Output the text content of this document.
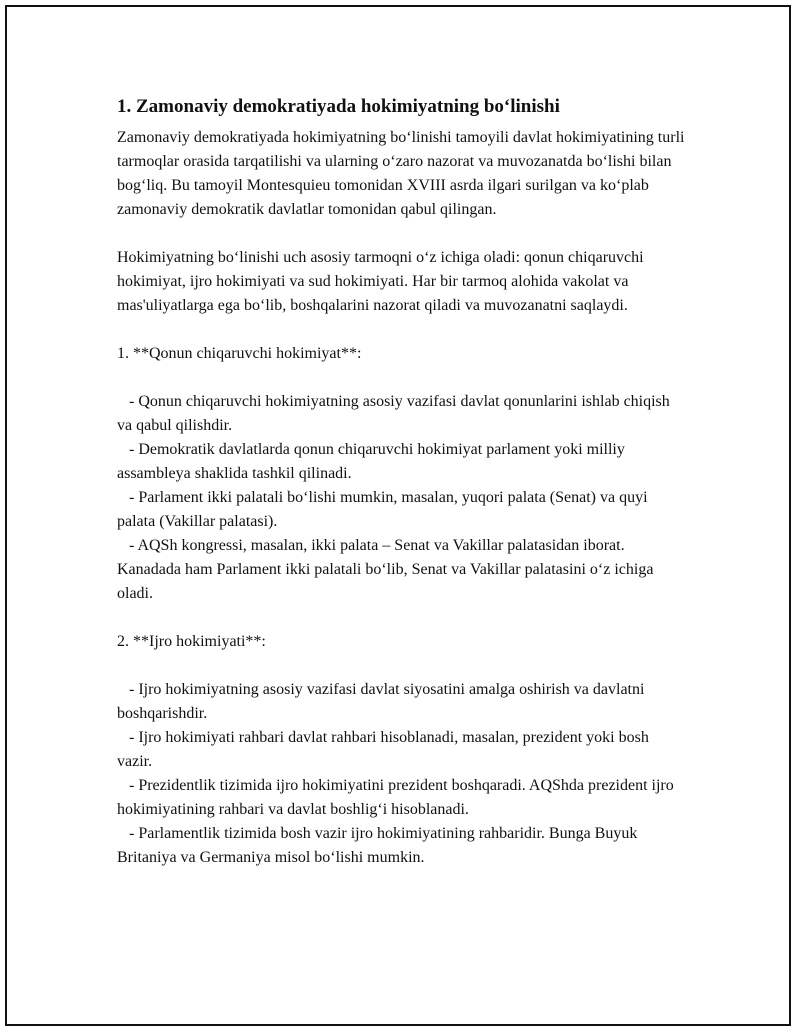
1. Zamonaviy demokratiyada hokimiyatning bo‘linishi

Zamonaviy demokratiyada hokimiyatning bo‘linishi tamoyili davlat hokimiyatining turli tarmoqlar orasida tarqatilishi va ularning o‘zaro nazorat va muvozanatda bo‘lishi bilan bog‘liq. Bu tamoyil Montesquieu tomonidan XVIII asrda ilgari surilgan va ko‘plab zamonaviy demokratik davlatlar tomonidan qabul qilingan.

Hokimiyatning bo‘linishi uch asosiy tarmoqni o‘z ichiga oladi: qonun chiqaruvchi hokimiyat, ijro hokimiyati va sud hokimiyati. Har bir tarmoq alohida vakolat va mas'uliyatlarga ega bo‘lib, boshqalarini nazorat qiladi va muvozanatni saqlaydi.

1. **Qonun chiqaruvchi hokimiyat**:

- Qonun chiqaruvchi hokimiyatning asosiy vazifasi davlat qonunlarini ishlab chiqish va qabul qilishdir.

- Demokratik davlatlarda qonun chiqaruvchi hokimiyat parlament yoki milliy assambleya shaklida tashkil qilinadi.

- Parlament ikki palatali bo‘lishi mumkin, masalan, yuqori palata (Senat) va quyi palata (Vakillar palatasi).

- AQSh kongressi, masalan, ikki palata – Senat va Vakillar palatasidan iborat. Kanadada ham Parlament ikki palatali bo‘lib, Senat va Vakillar palatasini o‘z ichiga oladi.

2. **Ijro hokimiyati**:

- Ijro hokimiyatning asosiy vazifasi davlat siyosatini amalga oshirish va davlatni boshqarishdir.

- Ijro hokimiyati rahbari davlat rahbari hisoblanadi, masalan, prezident yoki bosh vazir.

- Prezidentlik tizimida ijro hokimiyatini prezident boshqaradi. AQShda prezident ijro hokimiyatining rahbari va davlat boshlig‘i hisoblanadi.

- Parlamentlik tizimida bosh vazir ijro hokimiyatining rahbaridir. Bunga Buyuk Britaniya va Germaniya misol bo‘lishi mumkin.
